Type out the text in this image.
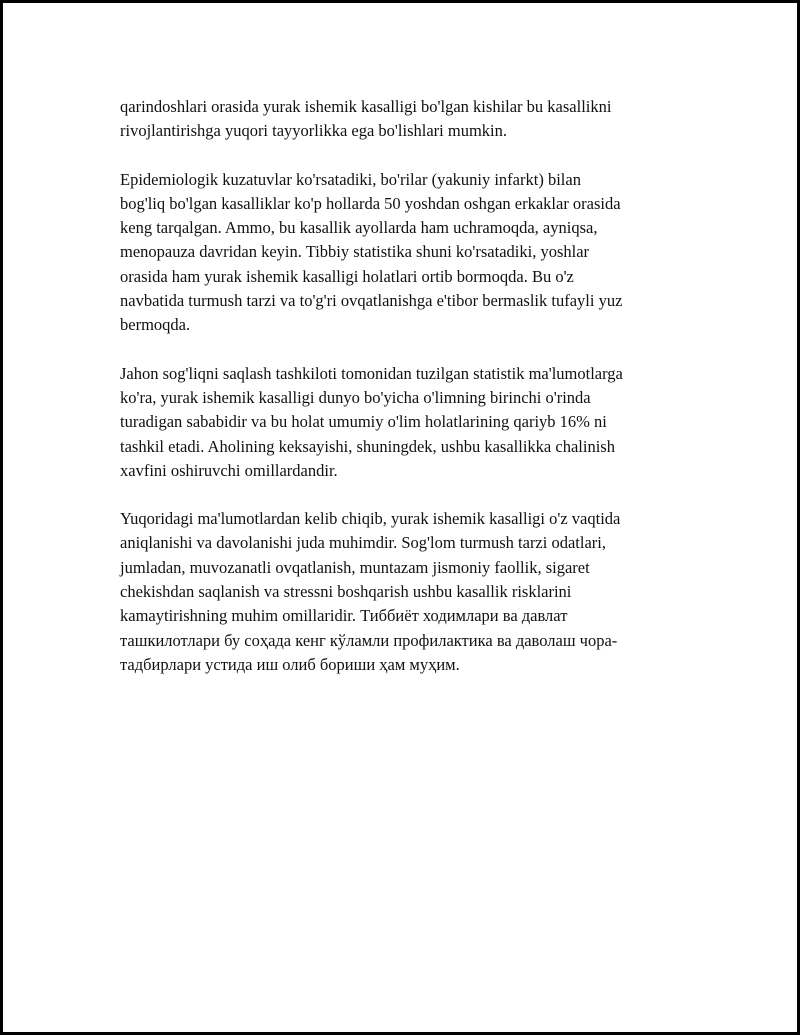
qarindoshlari orasida yurak ishemik kasalligi bo'lgan kishilar bu kasallikni
rivojlantirishga yuqori tayyorlikka ega bo'lishlari mumkin.

Epidemiologik kuzatuvlar ko'rsatadiki, bo'rilar (yakuniy infarkt) bilan
bog'liq bo'lgan kasalliklar ko'p hollarda 50 yoshdan oshgan erkaklar orasida
keng tarqalgan. Ammo, bu kasallik ayollarda ham uchramoqda, ayniqsa,
menopauza davridan keyin. Tibbiy statistika shuni ko'rsatadiki, yoshlar
orasida ham yurak ishemik kasalligi holatlari ortib bormoqda. Bu o'z
navbatida turmush tarzi va to'g'ri ovqatlanishga e'tibor bermaslik tufayli yuz
bermoqda.

Jahon sog'liqni saqlash tashkiloti tomonidan tuzilgan statistik ma'lumotlarga
ko'ra, yurak ishemik kasalligi dunyo bo'yicha o'limning birinchi o'rinda
turadigan sababidir va bu holat umumiy o'lim holatlarining qariyb 16% ni
tashkil etadi. Aholining keksayishi, shuningdek, ushbu kasallikka chalinish
xavfini oshiruvchi omillardandir.

Yuqoridagi ma'lumotlardan kelib chiqib, yurak ishemik kasalligi o'z vaqtida
aniqlanishi va davolanishi juda muhimdir. Sog'lom turmush tarzi odatlari,
jumladan, muvozanatli ovqatlanish, muntazam jismoniy faollik, sigaret
chekishdan saqlanish va stressni boshqarish ushbu kasallik risklarini
kamaytirishning muhim omillaridir. Тиббиёт ходимлари ва давлат
ташкилотлари бу соҳада кенг кўламли профилактика ва даволаш чора-
тадбирлари устида иш олиб бориши ҳам муҳим.
